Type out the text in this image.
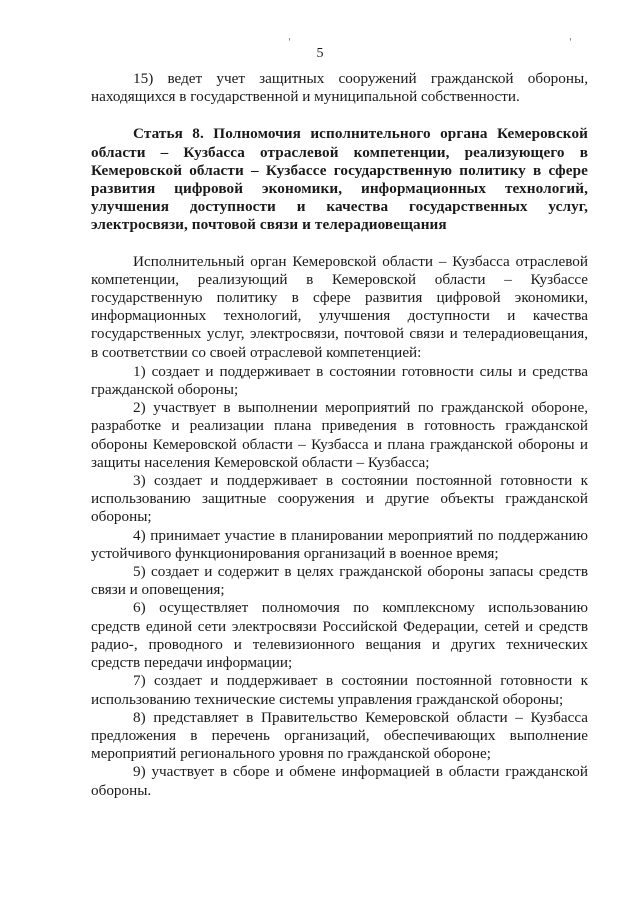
'	'
5

15) ведет учет защитных сооружений гражданской обороны, находящихся в государственной и муниципальной собственности.

Статья 8. Полномочия исполнительного органа Кемеровской области – Кузбасса отраслевой компетенции, реализующего в Кемеровской области – Кузбассе государственную политику в сфере развития цифровой экономики, информационных технологий, улучшения доступности и качества государственных услуг, электросвязи, почтовой связи и телерадиовещания

Исполнительный орган Кемеровской области – Кузбасса отраслевой компетенции, реализующий в Кемеровской области – Кузбассе государственную политику в сфере развития цифровой экономики, информационных технологий, улучшения доступности и качества государственных услуг, электросвязи, почтовой связи и телерадиовещания, в соответствии со своей отраслевой компетенцией:

1) создает и поддерживает в состоянии готовности силы и средства гражданской обороны;

2) участвует в выполнении мероприятий по гражданской обороне, разработке и реализации плана приведения в готовность гражданской обороны Кемеровской области – Кузбасса и плана гражданской обороны и защиты населения Кемеровской области – Кузбасса;

3) создает и поддерживает в состоянии постоянной готовности к использованию защитные сооружения и другие объекты гражданской обороны;

4) принимает участие в планировании мероприятий по поддержанию устойчивого функционирования организаций в военное время;

5) создает и содержит в целях гражданской обороны запасы средств связи и оповещения;

6) осуществляет полномочия по комплексному использованию средств единой сети электросвязи Российской Федерации, сетей и средств радио-, проводного и телевизионного вещания и других технических средств передачи информации;

7) создает и поддерживает в состоянии постоянной готовности к использованию технические системы управления гражданской обороны;

8) представляет в Правительство Кемеровской области – Кузбасса предложения в перечень организаций, обеспечивающих выполнение мероприятий регионального уровня по гражданской обороне;

9) участвует в сборе и обмене информацией в области гражданской обороны.
